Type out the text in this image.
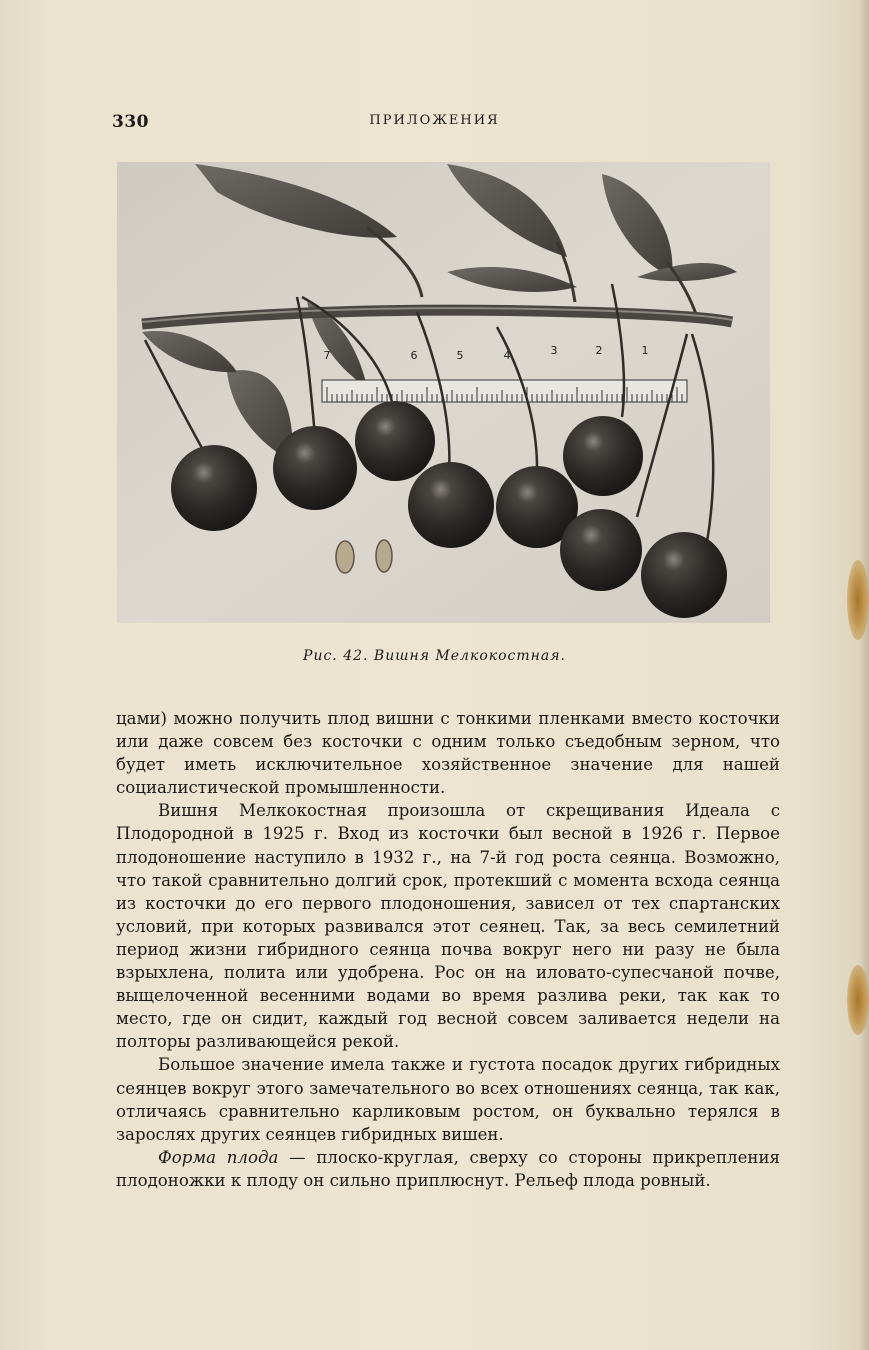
330	ПРИЛОЖЕНИЯ
7	6	5	4	3	2	1
Рис. 42. Вишня Мелкокостная.

цами) можно получить плод вишни с тонкими пленками вместо косточки или даже совсем без косточки с одним только съедобным зерном, что будет иметь исключительное хозяйственное значение для нашей социалистической промышленности.

Вишня Мелкокостная произошла от скрещивания Идеала с Плодородной в 1925 г. Вход из косточки был весной в 1926 г. Первое плодоношение наступило в 1932 г., на 7-й год роста сеянца. Возможно, что такой сравнительно долгий срок, протекший с момента всхода сеянца из косточки до его первого плодоношения, зависел от тех спартанских условий, при которых развивался этот сеянец. Так, за весь семилетний период жизни гибридного сеянца почва вокруг него ни разу не была взрыхлена, полита или удобрена. Рос он на иловато-супесчаной почве, выщелоченной весенними водами во время разлива реки, так как то место, где он сидит, каждый год весной совсем заливается недели на полторы разливающейся рекой.

Большое значение имела также и густота посадок других гибридных сеянцев вокруг этого замечательного во всех отношениях сеянца, так как, отличаясь сравнительно карликовым ростом, он буквально терялся в зарослях других сеянцев гибридных вишен.

Форма плода — плоско-круглая, сверху со стороны прикрепления плодоножки к плоду он сильно приплюснут. Рельеф плода ровный.
